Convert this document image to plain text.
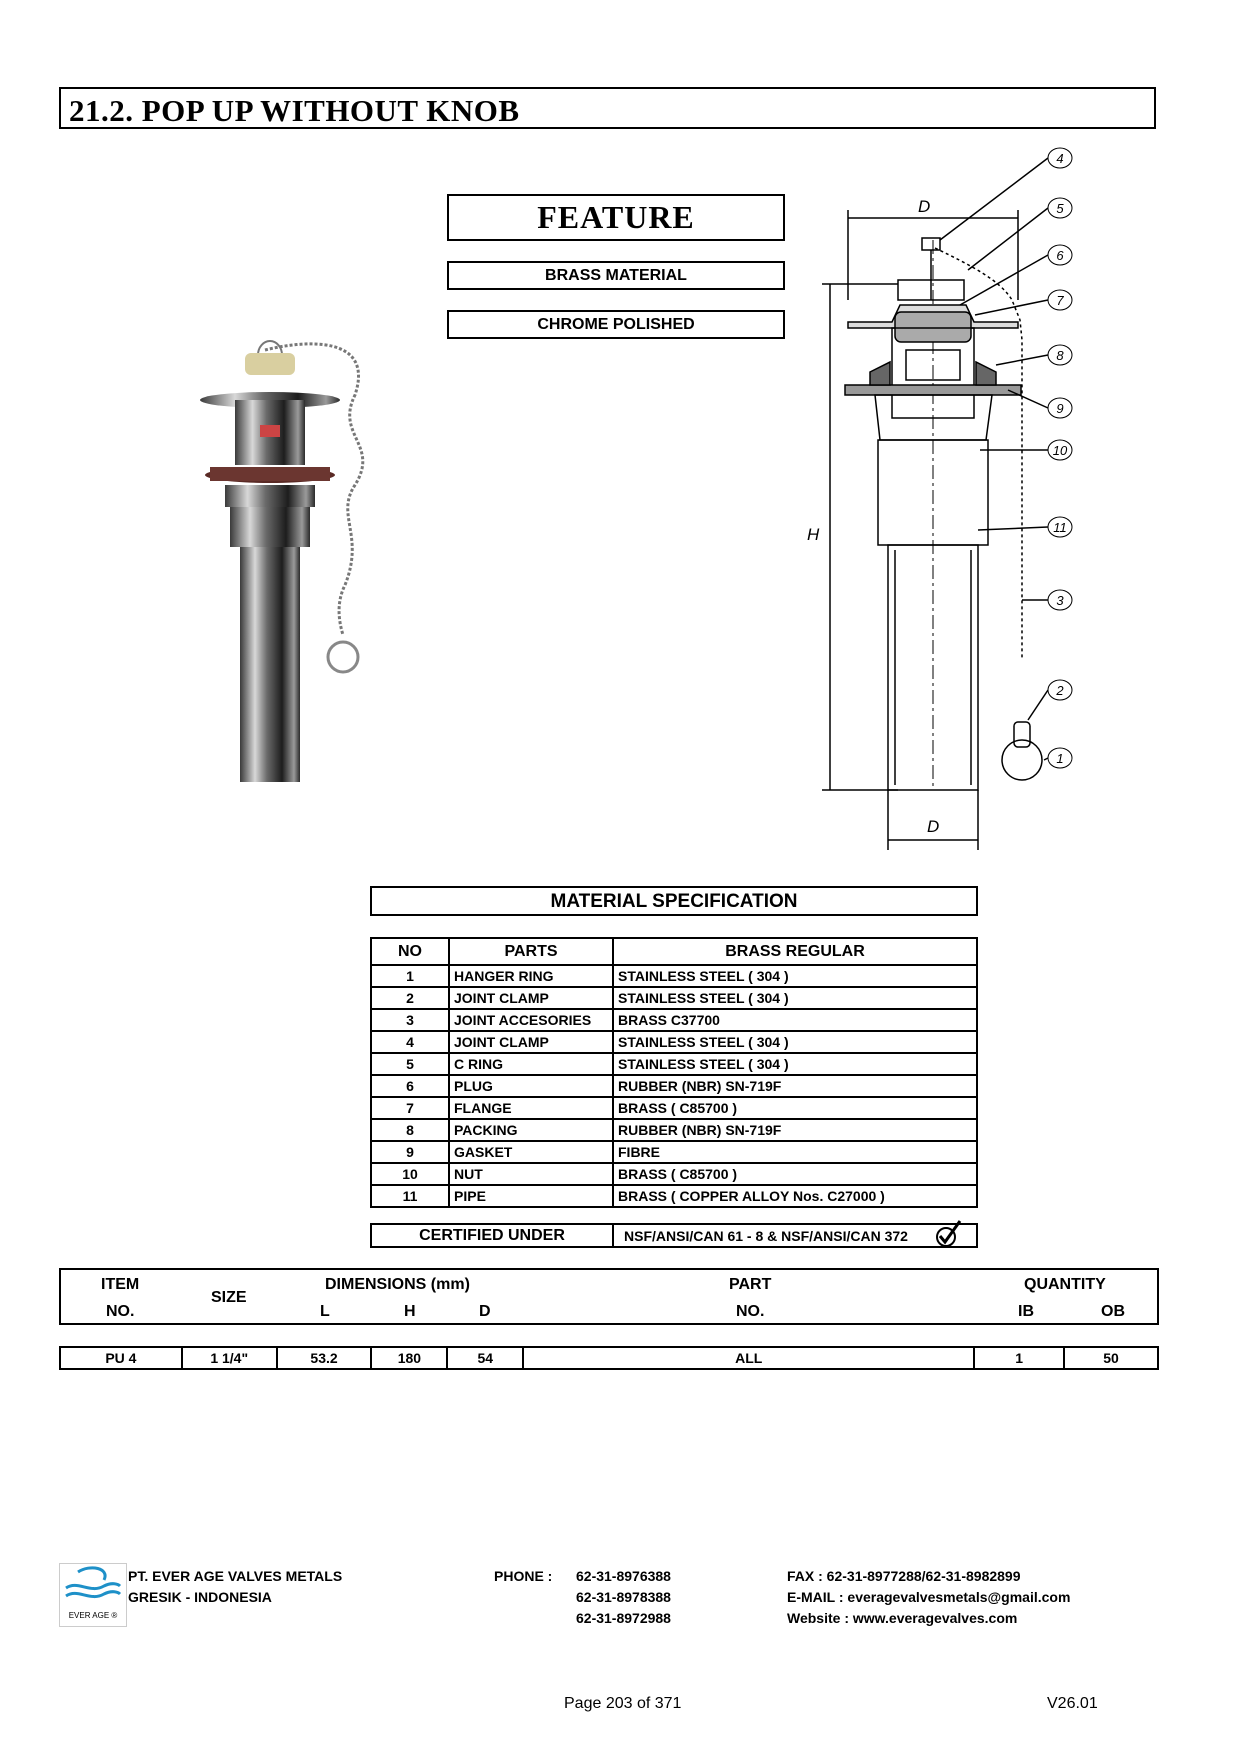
21.2. POP UP WITHOUT KNOB
FEATURE
BRASS MATERIAL
CHROME POLISHED
D
H
D
4
5
6
7
8
9
10
11
3
2
1
MATERIAL SPECIFICATION
NO	PARTS	BRASS REGULAR
1	HANGER RING	STAINLESS STEEL ( 304 )
2	JOINT CLAMP	STAINLESS STEEL ( 304 )
3	JOINT ACCESORIES	BRASS C37700
4	JOINT CLAMP	STAINLESS STEEL ( 304 )
5	C RING	STAINLESS STEEL ( 304 )
6	PLUG	RUBBER (NBR) SN-719F
7	FLANGE	BRASS ( C85700 )
8	PACKING	RUBBER (NBR) SN-719F
9	GASKET	FIBRE
10	NUT	BRASS ( C85700 )
11	PIPE	BRASS ( COPPER ALLOY Nos. C27000 )
CERTIFIED UNDER	NSF/ANSI/CAN 61 - 8 & NSF/ANSI/CAN 372
ITEM
NO.
SIZE
DIMENSIONS (mm)
L	H	D
PART
NO.
QUANTITY
IB	OB
PU 4	1 1/4"	53.2	180	54	ALL	1	50
EVER AGE ®
PT. EVER AGE VALVES METALS
GRESIK - INDONESIA
PHONE : 62-31-8976388
62-31-8978388
62-31-8972988
FAX : 62-31-8977288/62-31-8982899
E-MAIL : everagevalvesmetals@gmail.com
Website : www.everagevalves.com
Page 203 of 371	V26.01
